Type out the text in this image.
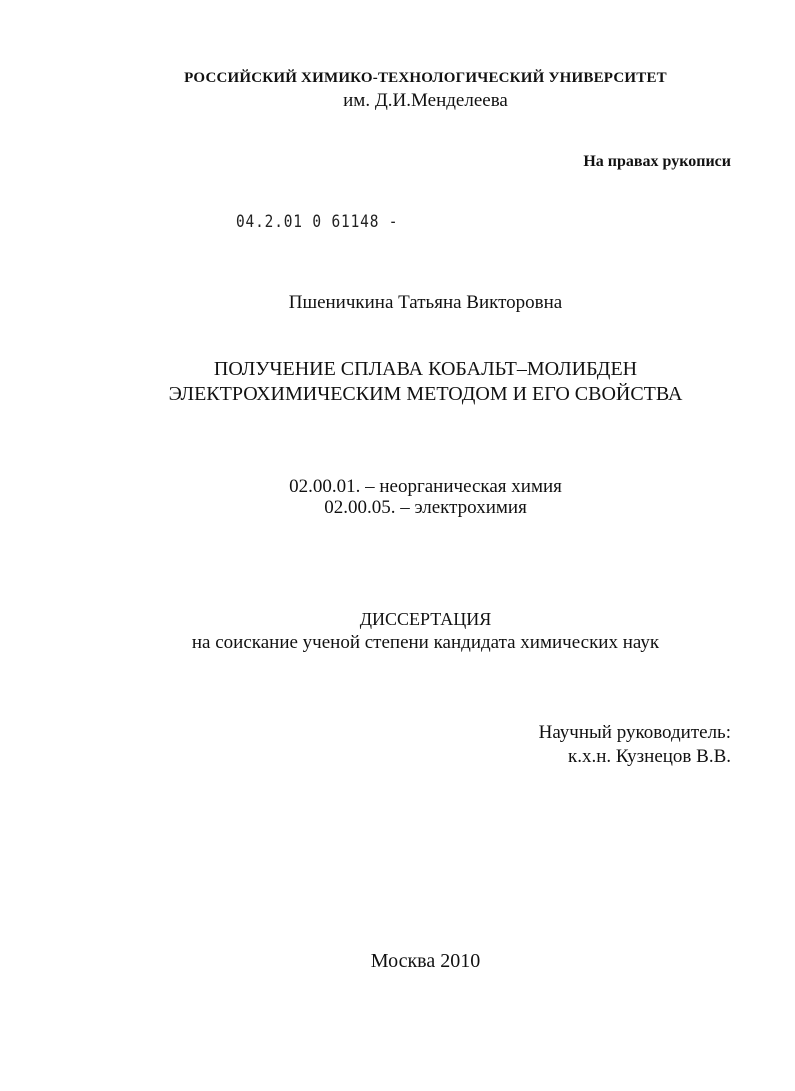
РОССИЙСКИЙ ХИМИКО-ТЕХНОЛОГИЧЕСКИЙ УНИВЕРСИТЕТ
им. Д.И.Менделеева
На правах рукописи
04.2.01 0 61148 -
Пшеничкина Татьяна Викторовна
ПОЛУЧЕНИЕ СПЛАВА КОБАЛЬТ–МОЛИБДЕН
ЭЛЕКТРОХИМИЧЕСКИМ МЕТОДОМ И ЕГО СВОЙСТВА
02.00.01. – неорганическая химия
02.00.05. – электрохимия
ДИССЕРТАЦИЯ
на соискание ученой степени кандидата химических наук
Научный руководитель:
к.х.н. Кузнецов В.В.
Москва 2010
